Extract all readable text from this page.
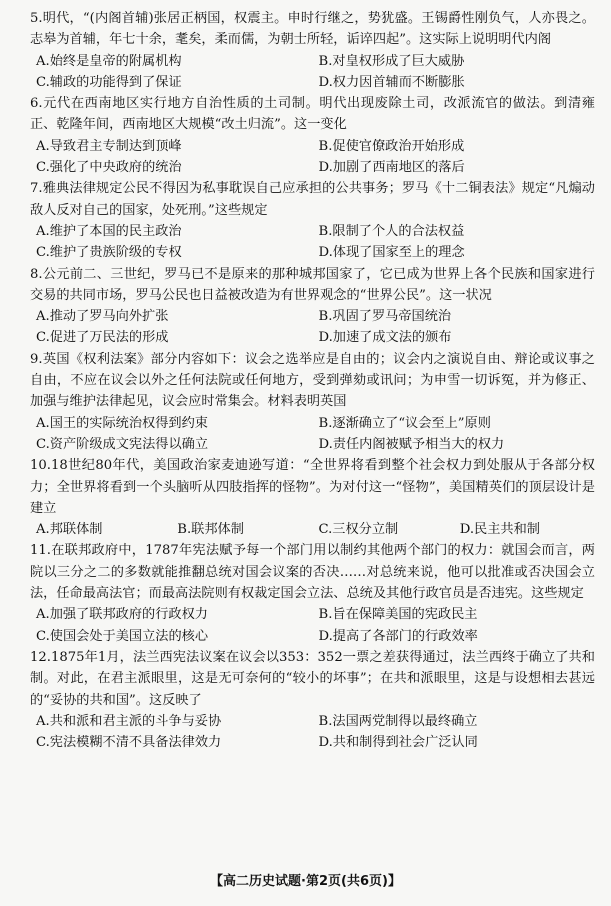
5.明代，“(内阁首辅)张居正柄国，权震主。申时行继之，势犹盛。王锡爵性刚负气，人亦畏之。志皋为首辅，年七十余，耄矣，柔而儒，为朝士所轻，诟谇四起”。这实际上说明明代内阁
A.始终是皇帝的附属机构	B.对皇权形成了巨大威胁
C.辅政的功能得到了保证	D.权力因首辅而不断膨胀
6.元代在西南地区实行地方自治性质的土司制。明代出现废除土司，改派流官的做法。到清雍正、乾隆年间，西南地区大规模“改土归流”。这一变化
A.导致君主专制达到顶峰	B.促使官僚政治开始形成
C.强化了中央政府的统治	D.加剧了西南地区的落后
7.雅典法律规定公民不得因为私事耽误自己应承担的公共事务；罗马《十二铜表法》规定“凡煽动敌人反对自己的国家，处死刑。”这些规定
A.维护了本国的民主政治	B.限制了个人的合法权益
C.维护了贵族阶级的专权	D.体现了国家至上的理念
8.公元前二、三世纪，罗马已不是原来的那种城邦国家了，它已成为世界上各个民族和国家进行交易的共同市场，罗马公民也日益被改造为有世界观念的“世界公民”。这一状况
A.推动了罗马向外扩张	B.巩固了罗马帝国统治
C.促进了万民法的形成	D.加速了成文法的颁布
9.英国《权利法案》部分内容如下：议会之选举应是自由的；议会内之演说自由、辩论或议事之自由，不应在议会以外之任何法院或任何地方，受到弹劾或讯问；为申雪一切诉冤，并为修正、加强与维护法律起见，议会应时常集会。材料表明英国
A.国王的实际统治权得到约束	B.逐渐确立了“议会至上”原则
C.资产阶级成文宪法得以确立	D.责任内阁被赋予相当大的权力
10.18世纪80年代，美国政治家麦迪逊写道：“全世界将看到整个社会权力到处服从于各部分权力；全世界将看到一个头脑听从四肢指挥的怪物”。为对付这一“怪物”，美国精英们的顶层设计是建立
A.邦联体制	B.联邦体制	C.三权分立制	D.民主共和制
11.在联邦政府中，1787年宪法赋予每一个部门用以制约其他两个部门的权力：就国会而言，两院以三分之二的多数就能推翻总统对国会议案的否决……对总统来说，他可以批准或否决国会立法，任命最高法官；而最高法院则有权裁定国会立法、总统及其他行政官员是否违宪。这些规定
A.加强了联邦政府的行政权力	B.旨在保障美国的宪政民主
C.使国会处于美国立法的核心	D.提高了各部门的行政效率
12.1875年1月，法兰西宪法议案在议会以353：352一票之差获得通过，法兰西终于确立了共和制。对此，在君主派眼里，这是无可奈何的“较小的坏事”；在共和派眼里，这是与设想相去甚远的“妥协的共和国”。这反映了
A.共和派和君主派的斗争与妥协	B.法国两党制得以最终确立
C.宪法模糊不清不具备法律效力	D.共和制得到社会广泛认同
【高二历史试题·第2页(共6页)】
